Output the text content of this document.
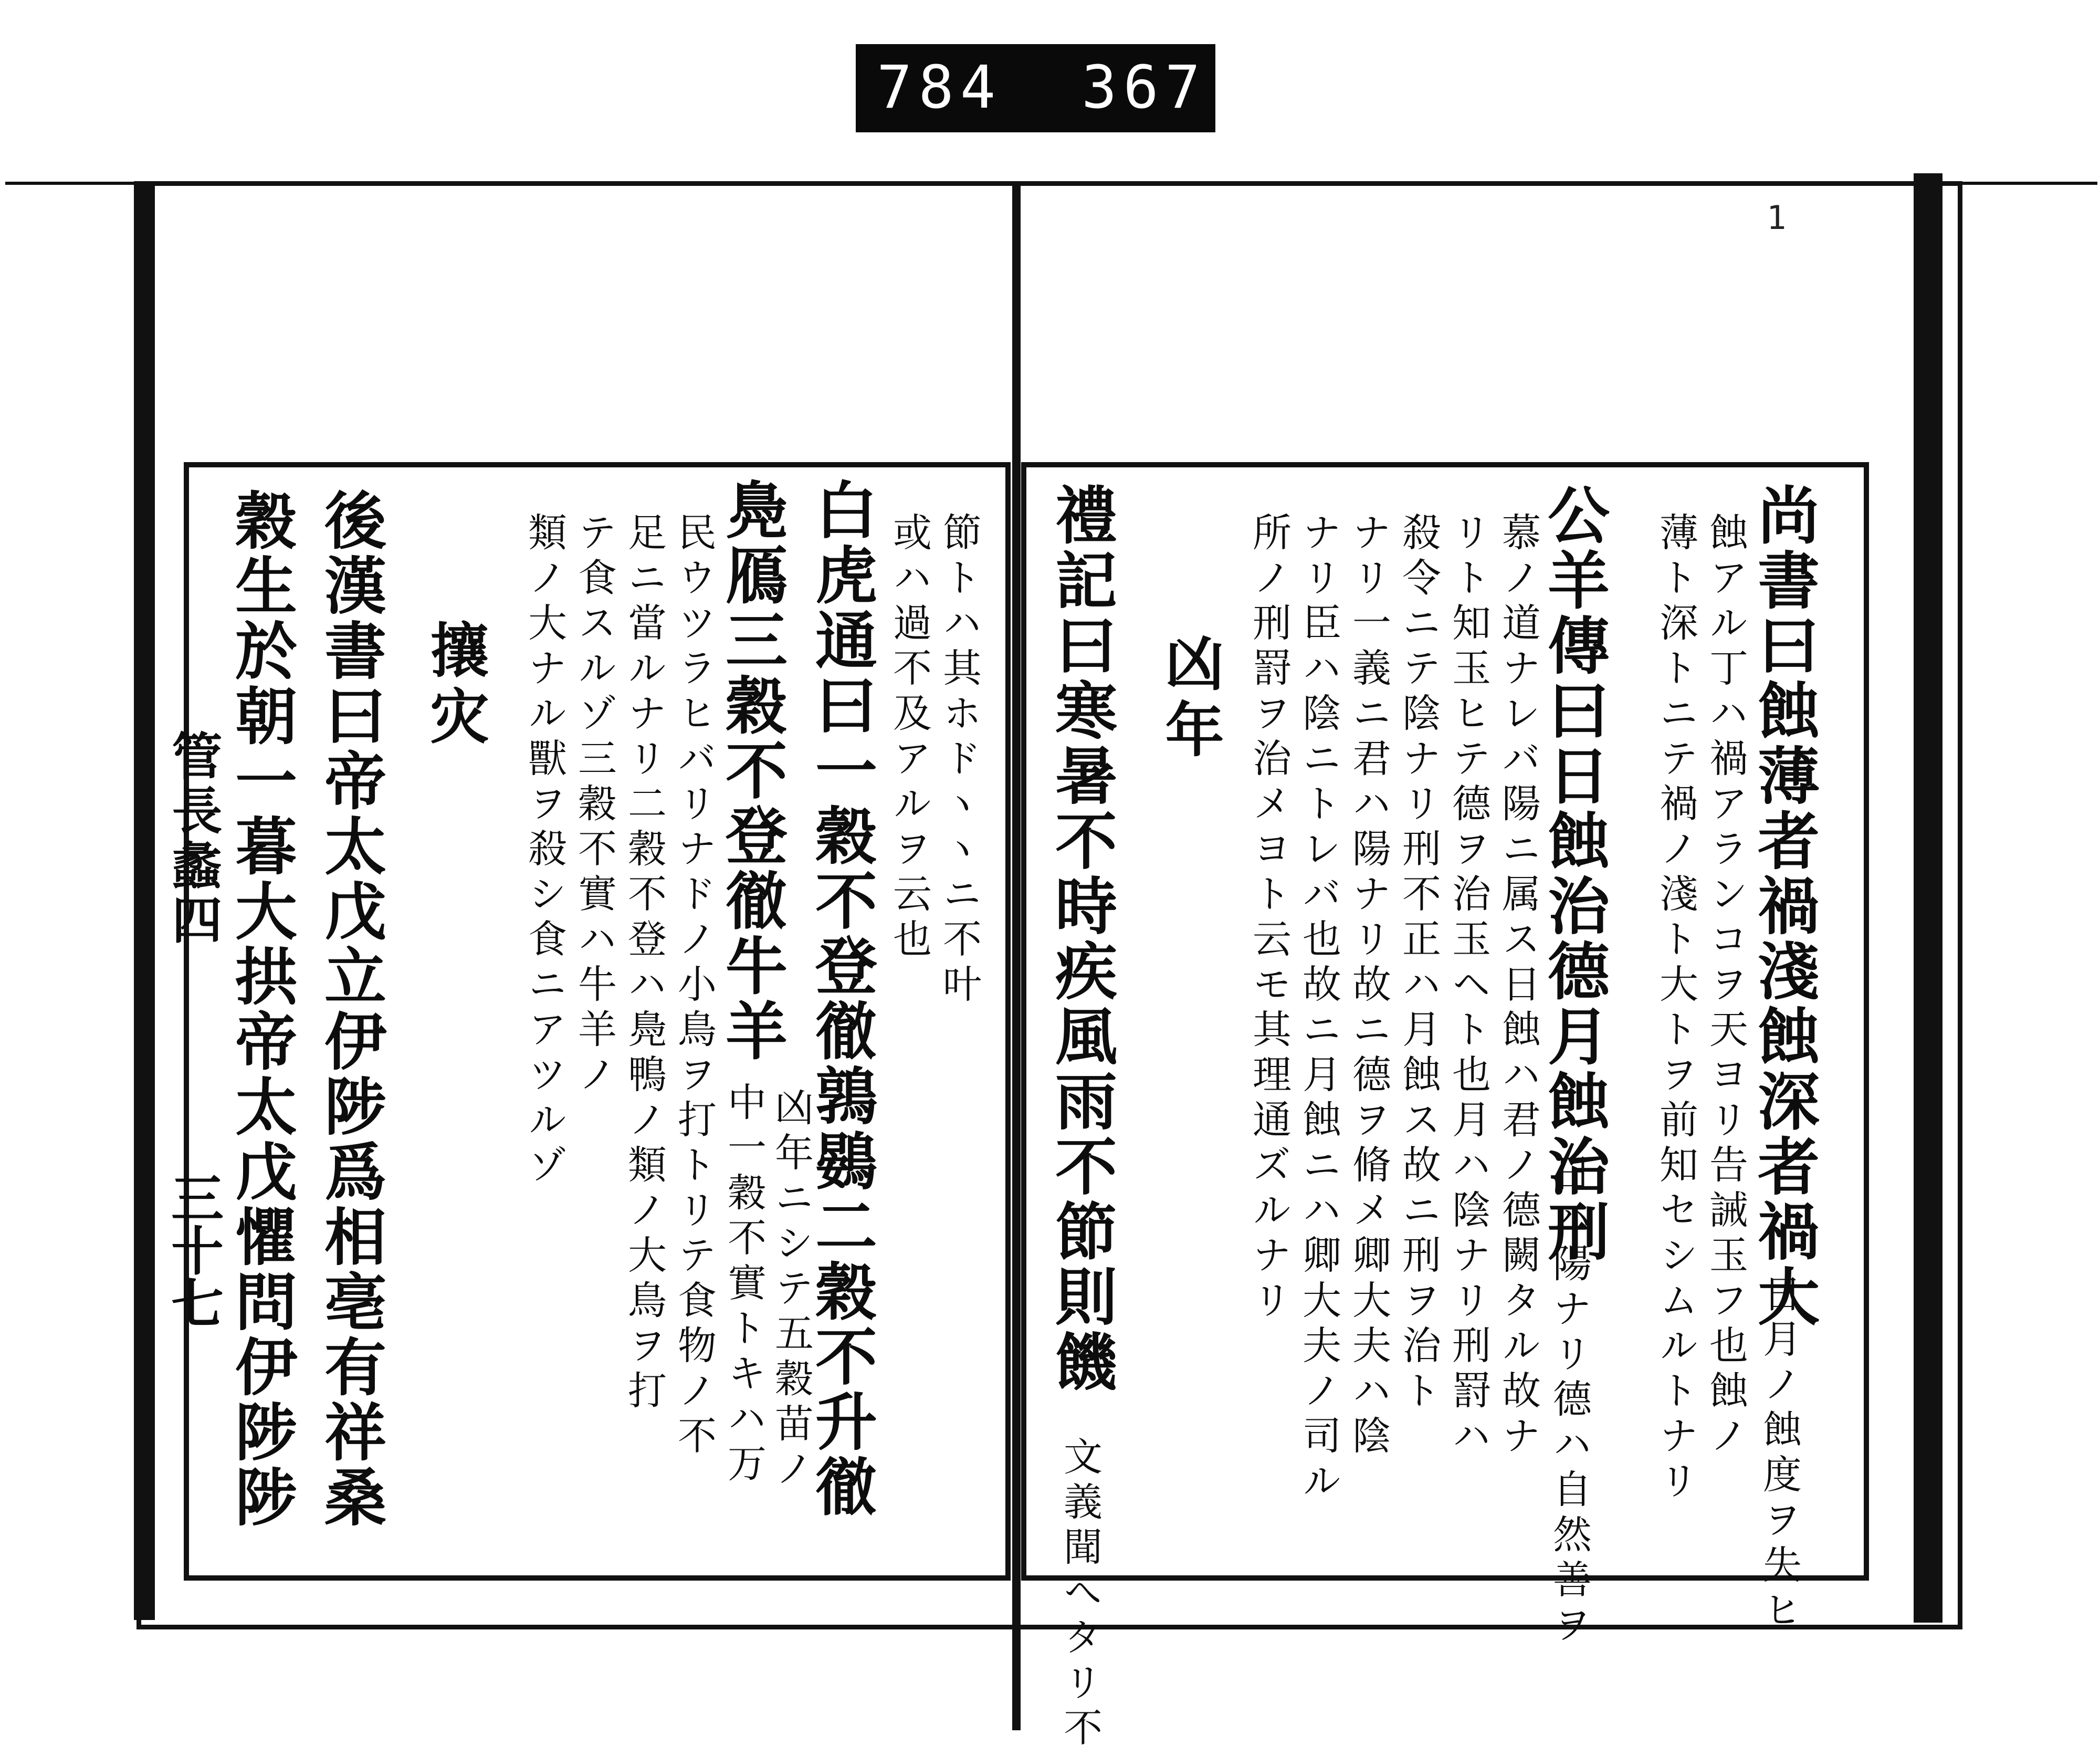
784 367
1
尚書曰蝕薄者禍淺蝕深者禍大
日月ノ蝕度ヲ失ヒ
蝕アル丁ハ禍アランコヲ天ヨリ告誡玉フ也蝕ノ
薄ト深トニテ禍ノ淺ト大トヲ前知セシムルトナリ
公羊傳曰日蝕治德月蝕治刑
日ハ陽ナリ德ハ自然善ヲ
慕ノ道ナレバ陽ニ属ス日蝕ハ君ノ德闕タル故ナ
リト知玉ヒテ德ヲ治玉ヘト也月ハ陰ナリ刑罸ハ
殺令ニテ陰ナリ刑不正ハ月蝕ス故ニ刑ヲ治ト
ナリ一義ニ君ハ陽ナリ故ニ德ヲ脩メ卿大夫ハ陰
ナリ臣ハ陰ニトレバ也故ニ月蝕ニハ卿大夫ノ司ル
所ノ刑罸ヲ治メヨト云モ其理通ズルナリ
凶年
禮記曰寒暑不時疾風雨不節則饑
文義聞へタリ不
管長蠡四
三十七
節トハ其ホドヽヽニ不叶
或ハ過不及アルヲ云也
白虎通曰一穀不登徹鶉鷃二穀不升徹
鳧鴈三穀不登徹牛羊
凶年ニシテ五穀苗ノ
中一穀不實トキハ万
民ウツラヒバリナドノ小鳥ヲ打トリテ食物ノ不
足ニ當ルナリ二穀不登ハ鳧鴨ノ類ノ大鳥ヲ打
テ食スルゾ三穀不實ハ牛羊ノ
類ノ大ナル獸ヲ殺シ食ニアツルゾ
攘灾
後漢書曰帝太戊立伊陟爲相亳有祥桑
穀生於朝一暮大拱帝太戊懼問伊陟陟
